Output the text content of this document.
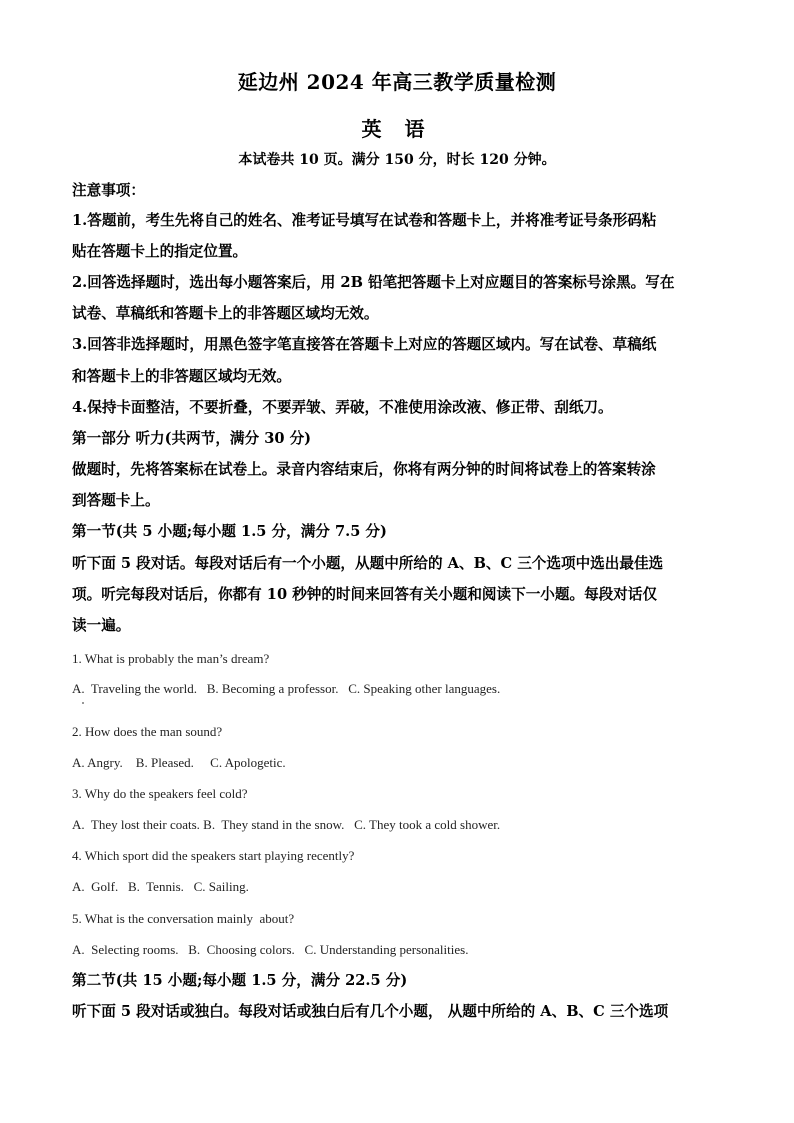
延边州 2024 年高三教学质量检测
英 语
本试卷共 10 页。满分 150 分，时长 120 分钟。
注意事项：
1.答题前，考生先将自己的姓名、准考证号填写在试卷和答题卡上，并将准考证号条形码粘
贴在答题卡上的指定位置。
2.回答选择题时，选出每小题答案后，用 2B 铅笔把答题卡上对应题目的答案标号涂黑。写在
试卷、草稿纸和答题卡上的非答题区域均无效。
3.回答非选择题时，用黑色签字笔直接答在答题卡上对应的答题区域内。写在试卷、草稿纸
和答题卡上的非答题区域均无效。
4.保持卡面整洁，不要折叠，不要弄皱、弄破，不准使用涂改液、修正带、刮纸刀。
第一部分 听力(共两节，满分 30 分)
做题时，先将答案标在试卷上。录音内容结束后，你将有两分钟的时间将试卷上的答案转涂
到答题卡上。
第一节(共 5 小题;每小题 1.5 分，满分 7.5 分)
听下面 5 段对话。每段对话后有一个小题，从题中所给的 A、B、C 三个选项中选出最佳选
项。听完每段对话后，你都有 10 秒钟的时间来回答有关小题和阅读下一小题。每段对话仅
读一遍。
1. What is probably the man’s dream?
A.  Traveling the world.   B. Becoming a professor.   C. Speaking other languages.
2. How does the man sound?
A. Angry.    B. Pleased.     C. Apologetic.
3. Why do the speakers feel cold?
A.  They lost their coats. B.  They stand in the snow.   C. They took a cold shower.
4. Which sport did the speakers start playing recently?
A.  Golf.   B.  Tennis.   C. Sailing.
5. What is the conversation mainly  about?
A.  Selecting rooms.   B.  Choosing colors.   C. Understanding personalities.
第二节(共 15 小题;每小题 1.5 分，满分 22.5 分)
听下面 5 段对话或独白。每段对话或独白后有几个小题， 从题中所给的 A、B、C 三个选项
